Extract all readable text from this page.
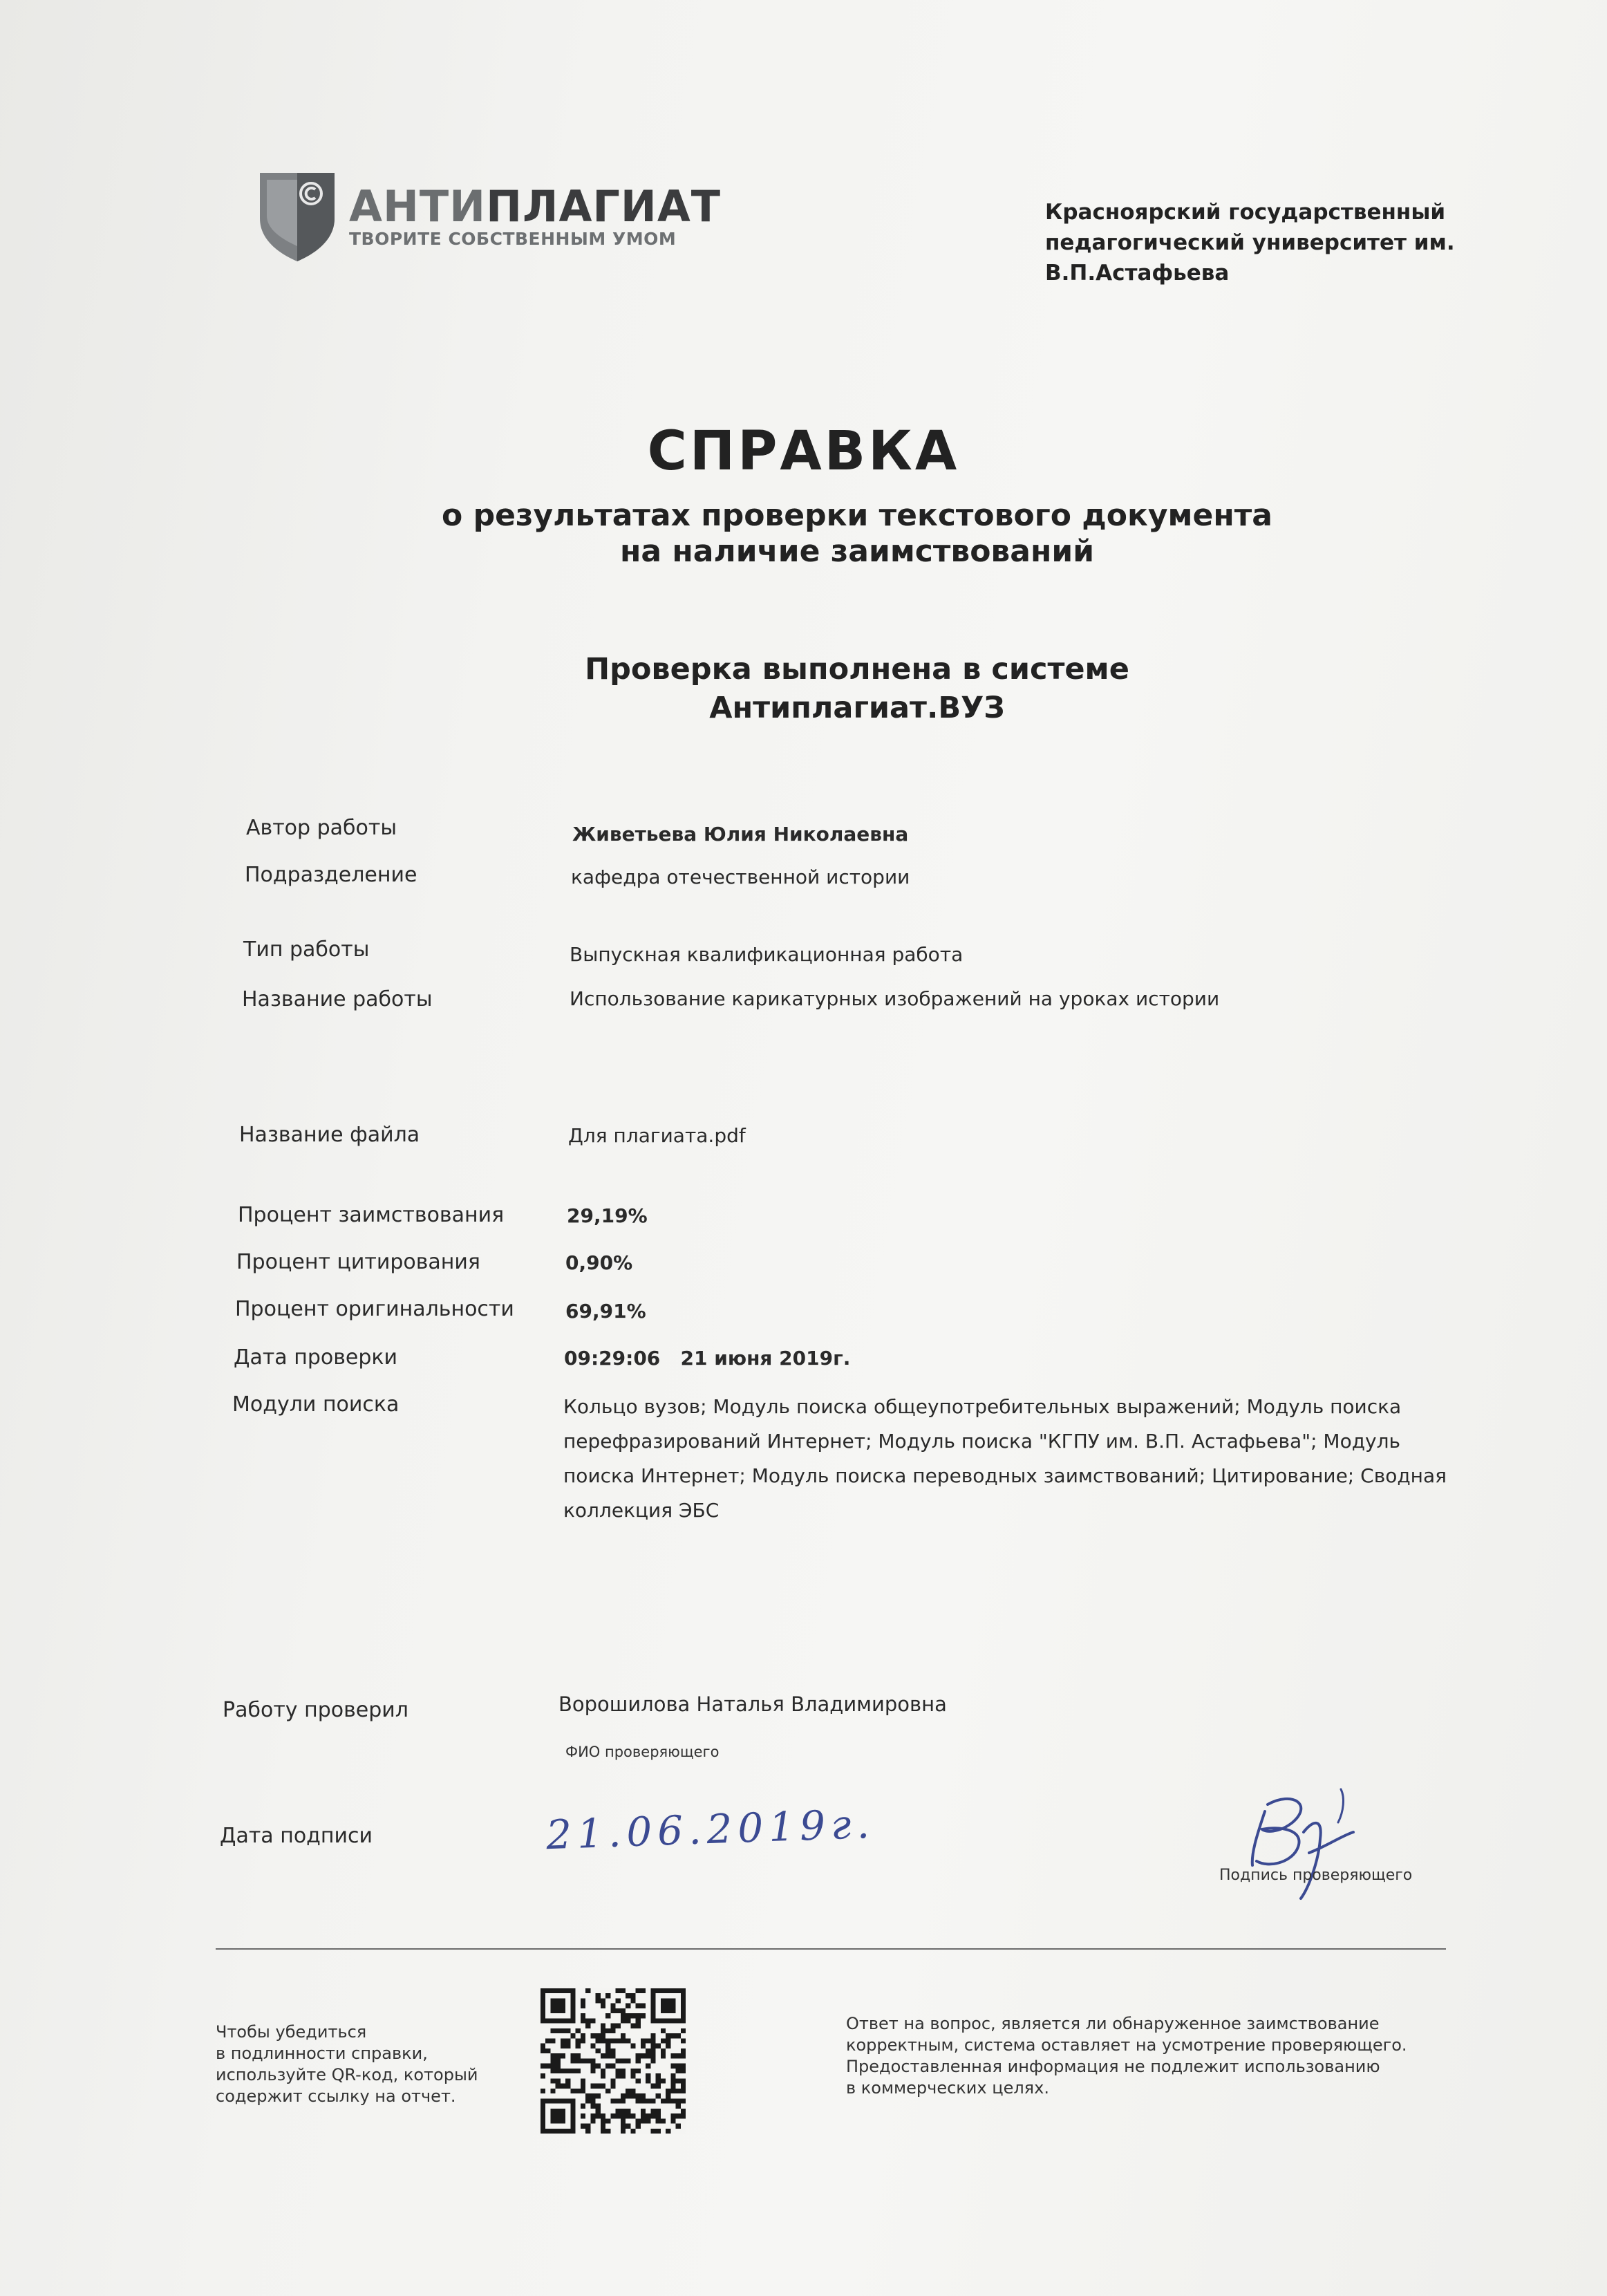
АНТИПЛАГИАТ
ТВОРИТЕ СОБСТВЕННЫМ УМОМ
Красноярский государственный
педагогический университет им.
В.П.Астафьева
СПРАВКА
о результатах проверки текстового документа
на наличие заимствований
Проверка выполнена в системе
Антиплагиат.ВУЗ
Автор работы	Живетьева Юлия Николаевна
Подразделение	кафедра отечественной истории
Тип работы	Выпускная квалификационная работа
Название работы	Использование карикатурных изображений на уроках истории
Название файла	Для плагиата.pdf
Процент заимствования	29,19%
Процент цитирования	0,90%
Процент оригинальности	69,91%
Дата проверки	09:29:06   21 июня 2019г.
Модули поиска	Кольцо вузов; Модуль поиска общеупотребительных выражений; Модуль поиска перефразирований Интернет; Модуль поиска "КГПУ им. В.П. Астафьева"; Модуль поиска Интернет; Модуль поиска переводных заимствований; Цитирование; Сводная коллекция ЭБС
Работу проверил	Ворошилова Наталья Владимировна
ФИО проверяющего
Дата подписи	21.06.2019г.
Подпись проверяющего
Чтобы убедиться
в подлинности справки,
используйте QR-код, который
содержит ссылку на отчет.
Ответ на вопрос, является ли обнаруженное заимствование
корректным, система оставляет на усмотрение проверяющего.
Предоставленная информация не подлежит использованию
в коммерческих целях.
